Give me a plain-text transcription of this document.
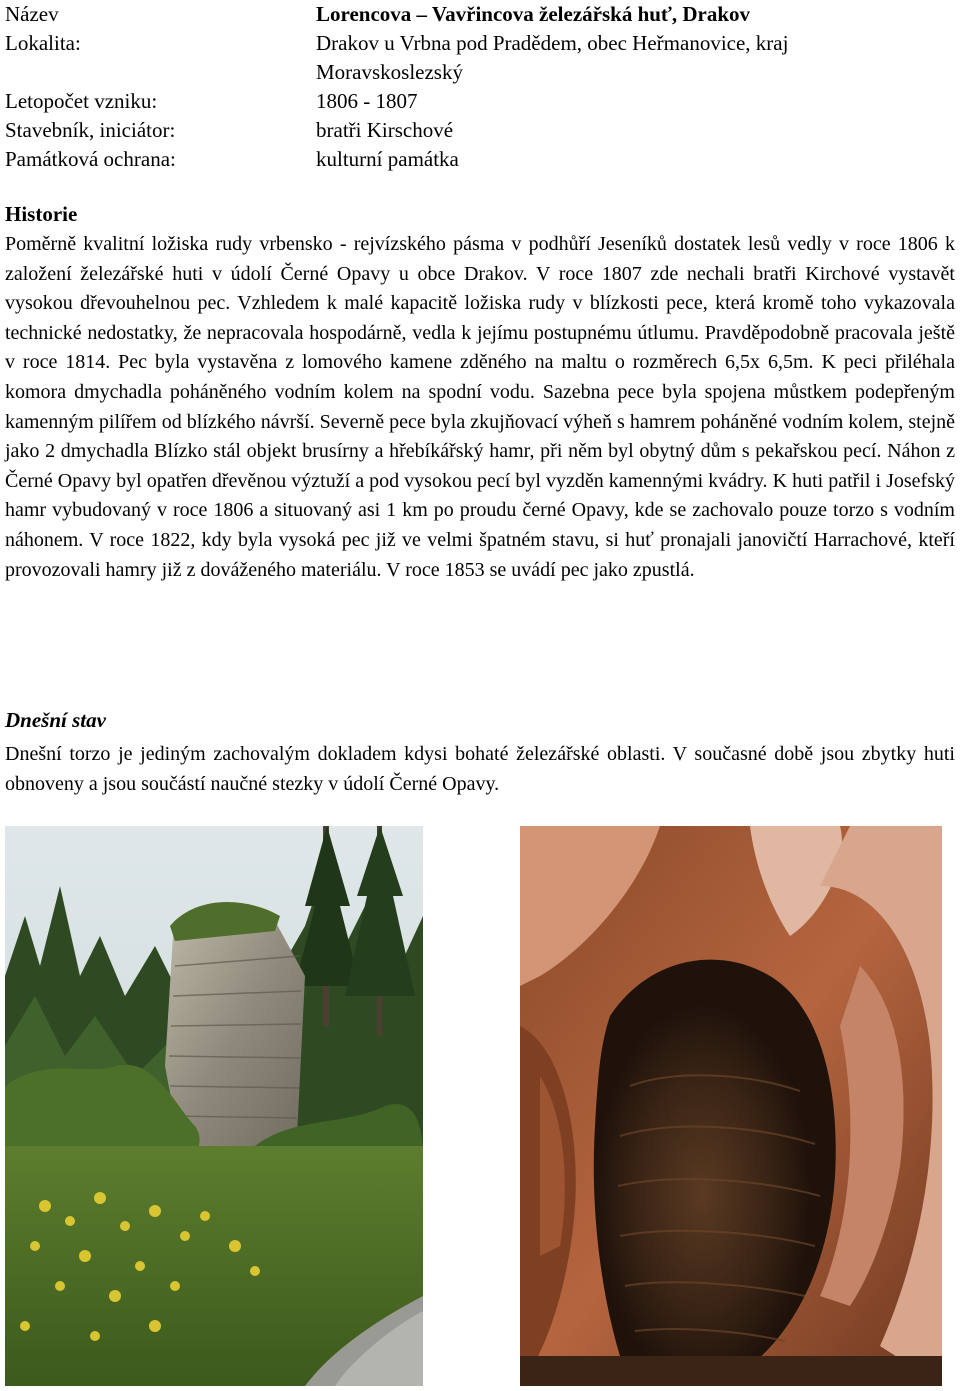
Název	Lorencova – Vavřincova železářská huť, Drakov
Lokalita:	Drakov u Vrbna pod Pradědem, obec Heřmanovice, kraj Moravskoslezský
Letopočet vzniku:	1806 - 1807
Stavebník, iniciátor:	bratři Kirschové
Památková ochrana:	kulturní památka
Historie
Poměrně kvalitní ložiska rudy vrbensko - rejvízského pásma v podhůří Jeseníků dostatek lesů vedly v roce 1806 k založení železářské huti v údolí Černé Opavy u obce Drakov. V roce 1807 zde nechali bratři Kirchové vystavět vysokou dřevouhelnou pec. Vzhledem k malé kapacitě ložiska rudy v blízkosti pece, která kromě toho vykazovala technické nedostatky, že nepracovala hospodárně, vedla k jejímu postupnému útlumu. Pravděpodobně pracovala ještě v roce 1814. Pec byla vystavěna z lomového kamene zděného na maltu o rozměrech 6,5x 6,5m. K peci přiléhala komora dmychadla poháněného vodním kolem na spodní vodu. Sazebna pece byla spojena můstkem podepřeným kamenným pilířem od blízkého návrší. Severně pece byla zkujňovací výheň s hamrem poháněné vodním kolem, stejně jako 2 dmychadla Blízko stál objekt brusírny a hřebíkářský hamr, při něm byl obytný dům s pekařskou pecí. Náhon z Černé Opavy byl opatřen dřevěnou výztuží a pod vysokou pecí byl vyzděn kamennými kvádry. K huti patřil i Josefský hamr vybudovaný v roce 1806 a situovaný asi 1 km po proudu černé Opavy, kde se zachovalo pouze torzo s vodním náhonem. V roce 1822, kdy byla vysoká pec již ve velmi špatném stavu, si huť pronajali janovičtí Harrachové, kteří provozovali hamry již z dováženého materiálu. V roce 1853 se uvádí pec jako zpustlá.
Dnešní stav
Dnešní torzo je jediným zachovalým dokladem kdysi bohaté železářské oblasti. V současné době jsou zbytky huti obnoveny a jsou součástí naučné stezky v údolí Černé Opavy.
